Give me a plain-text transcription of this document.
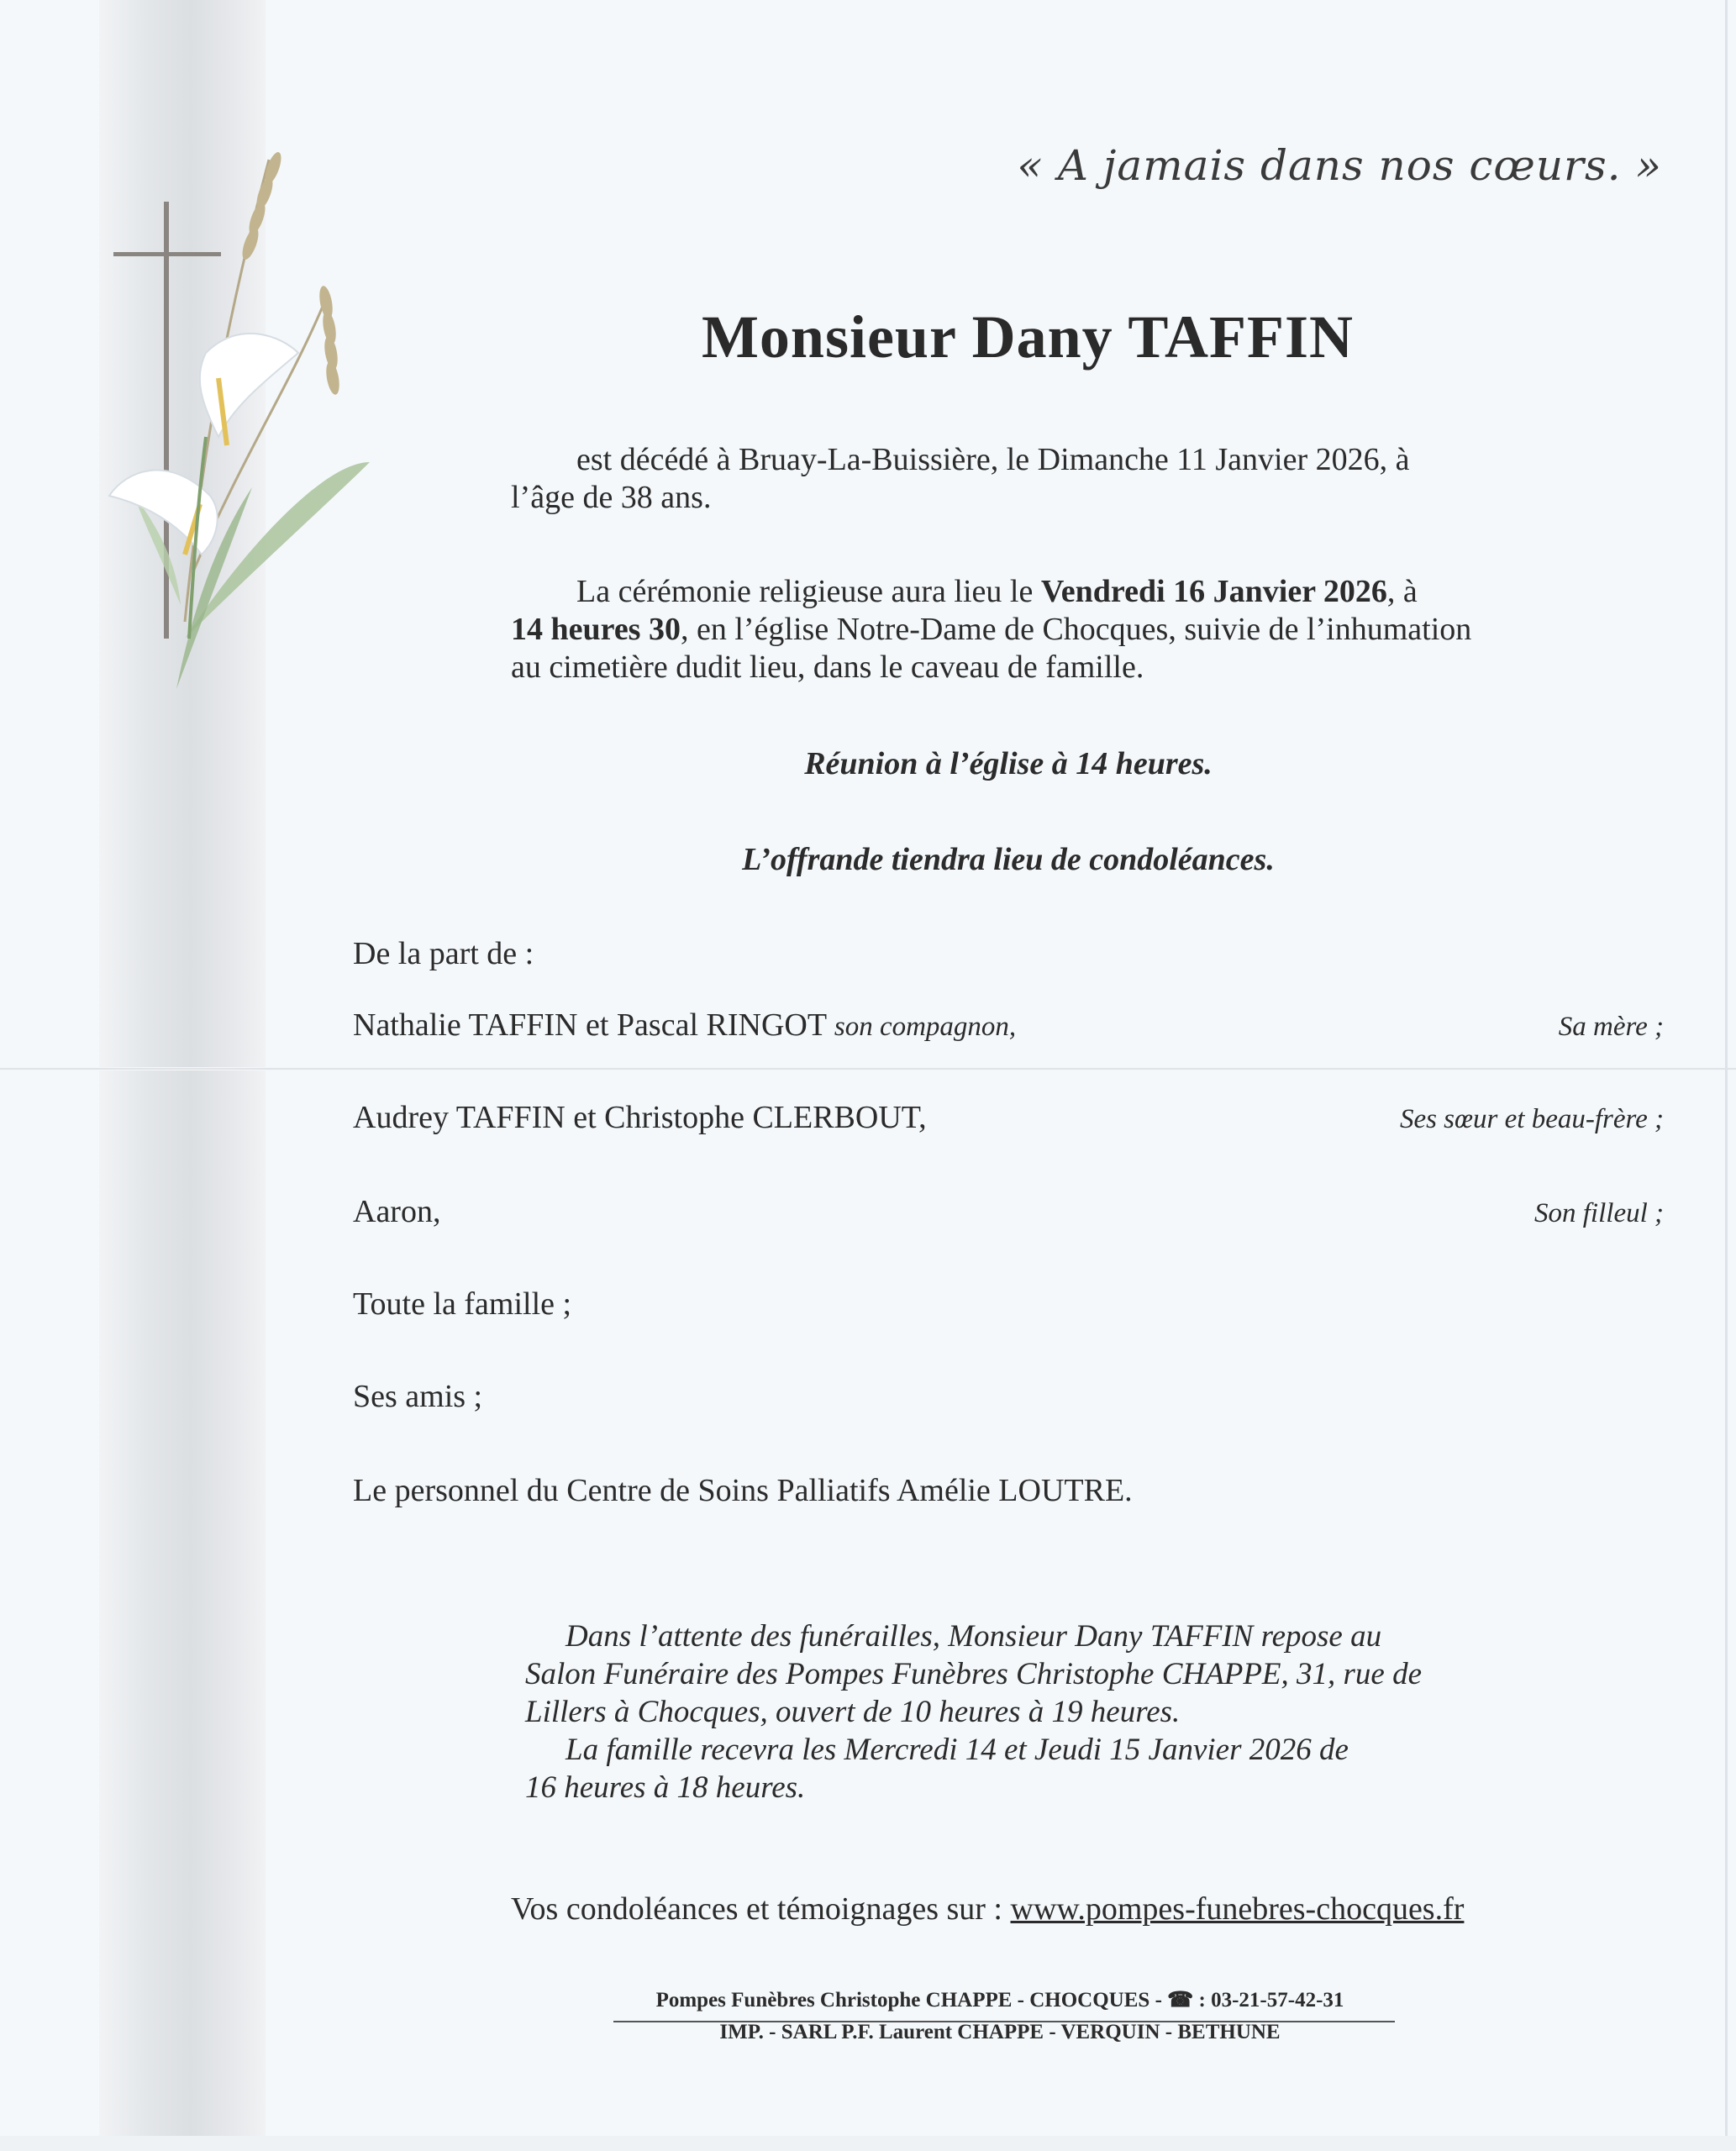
« A jamais dans nos cœurs. »
Monsieur Dany TAFFIN
est décédé à Bruay-La-Buissière, le Dimanche 11 Janvier 2026, à
l’âge de 38 ans.
La cérémonie religieuse aura lieu le Vendredi 16 Janvier 2026, à
14 heures 30, en l’église Notre-Dame de Chocques, suivie de l’inhumation
au cimetière dudit lieu, dans le caveau de famille.
Réunion à l’église à 14 heures.
L’offrande tiendra lieu de condoléances.
De la part de :
Nathalie TAFFIN et Pascal RINGOT son compagnon,	Sa mère ;
Audrey TAFFIN et Christophe CLERBOUT,	Ses sœur et beau-frère ;
Aaron,	Son filleul ;
Toute la famille ;
Ses amis ;
Le personnel du Centre de Soins Palliatifs Amélie LOUTRE.
Dans l’attente des funérailles, Monsieur Dany TAFFIN repose au
Salon Funéraire des Pompes Funèbres Christophe CHAPPE, 31, rue de
Lillers à Chocques, ouvert de 10 heures à 19 heures.
La famille recevra les Mercredi 14 et Jeudi 15 Janvier 2026 de
16 heures à 18 heures.
Vos condoléances et témoignages sur : www.pompes-funebres-chocques.fr
Pompes Funèbres Christophe CHAPPE - CHOCQUES - ☎ : 03-21-57-42-31
IMP. - SARL P.F. Laurent CHAPPE - VERQUIN - BETHUNE
